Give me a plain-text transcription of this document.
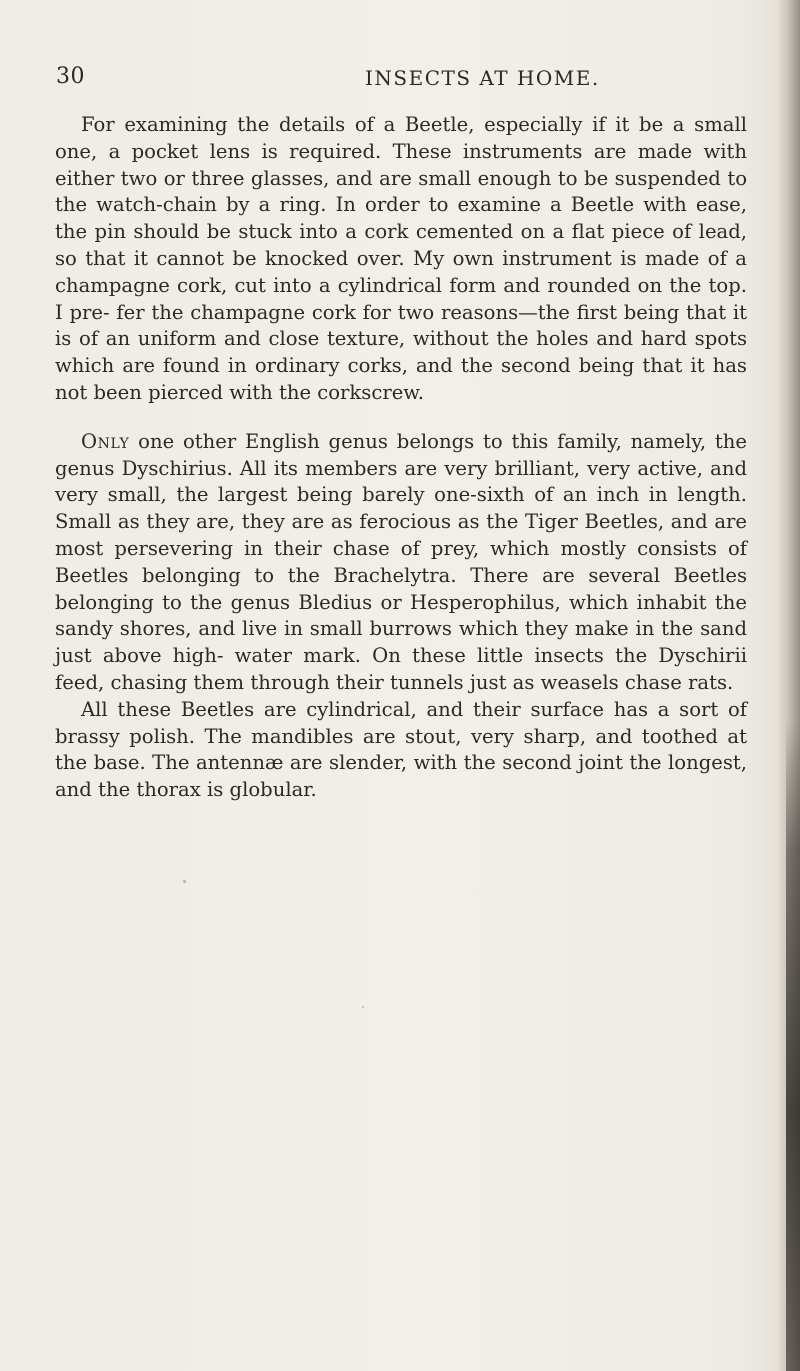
30	INSECTS AT HOME.

For examining the details of a Beetle, especially if it be a small one, a pocket lens is required. These instruments are made with either two or three glasses, and are small enough to be suspended to the watch-chain by a ring. In order to examine a Beetle with ease, the pin should be stuck into a cork cemented on a flat piece of lead, so that it cannot be knocked over. My own instrument is made of a champagne cork, cut into a cylindrical form and rounded on the top. I pre- fer the champagne cork for two reasons—the first being that it is of an uniform and close texture, without the holes and hard spots which are found in ordinary corks, and the second being that it has not been pierced with the corkscrew.

Only one other English genus belongs to this family, namely, the genus Dyschirius. All its members are very brilliant, very active, and very small, the largest being barely one-sixth of an inch in length. Small as they are, they are as ferocious as the Tiger Beetles, and are most persevering in their chase of prey, which mostly consists of Beetles belonging to the Brachelytra. There are several Beetles belonging to the genus Bledius or Hesperophilus, which inhabit the sandy shores, and live in small burrows which they make in the sand just above high- water mark. On these little insects the Dyschirii feed, chasing them through their tunnels just as weasels chase rats.

All these Beetles are cylindrical, and their surface has a sort of brassy polish. The mandibles are stout, very sharp, and toothed at the base. The antennæ are slender, with the second joint the longest, and the thorax is globular.
